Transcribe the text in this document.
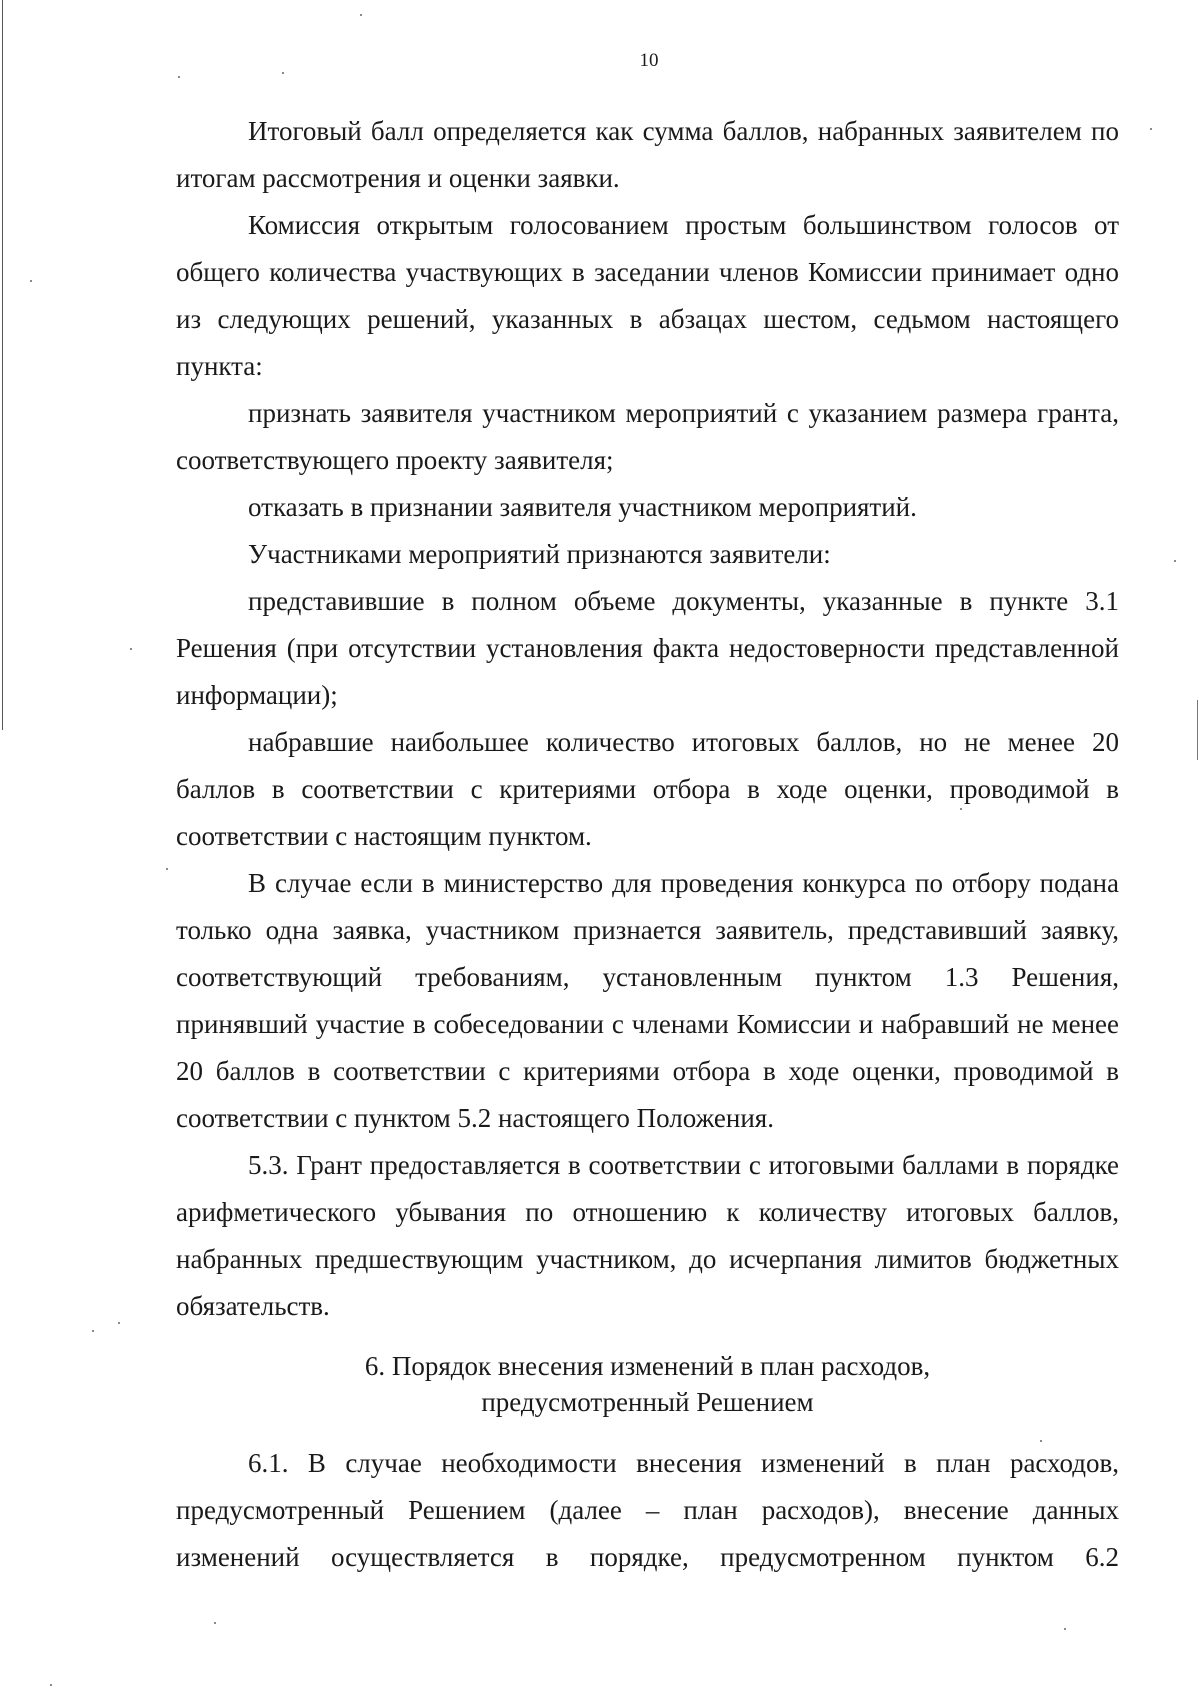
10

Итоговый балл определяется как сумма баллов, набранных заявителем по итогам рассмотрения и оценки заявки.

Комиссия открытым голосованием простым большинством голосов от общего количества участвующих в заседании членов Комиссии принимает одно из следующих решений, указанных в абзацах шестом, седьмом настоящего пункта:

признать заявителя участником мероприятий с указанием размера гранта, соответствующего проекту заявителя;

отказать в признании заявителя участником мероприятий.

Участниками мероприятий признаются заявители:

представившие в полном объеме документы, указанные в пункте 3.1 Решения (при отсутствии установления факта недостоверности представленной информации);

набравшие наибольшее количество итоговых баллов, но не менее 20 баллов в соответствии с критериями отбора в ходе оценки, проводимой в соответствии с настоящим пунктом.

В случае если в министерство для проведения конкурса по отбору подана только одна заявка, участником признается заявитель, представивший заявку, соответствующий требованиям, установленным пунктом 1.3 Решения, принявший участие в собеседовании с членами Комиссии и набравший не менее 20 баллов в соответствии с критериями отбора в ходе оценки, проводимой в соответствии с пунктом 5.2 настоящего Положения.

5.3. Грант предоставляется в соответствии с итоговыми баллами в порядке арифметического убывания по отношению к количеству итоговых баллов, набранных предшествующим участником, до исчерпания лимитов бюджетных обязательств.

6. Порядок внесения изменений в план расходов,
предусмотренный Решением

6.1. В случае необходимости внесения изменений в план расходов, предусмотренный Решением (далее – план расходов), внесение данных изменений осуществляется в порядке, предусмотренном пунктом 6.2
